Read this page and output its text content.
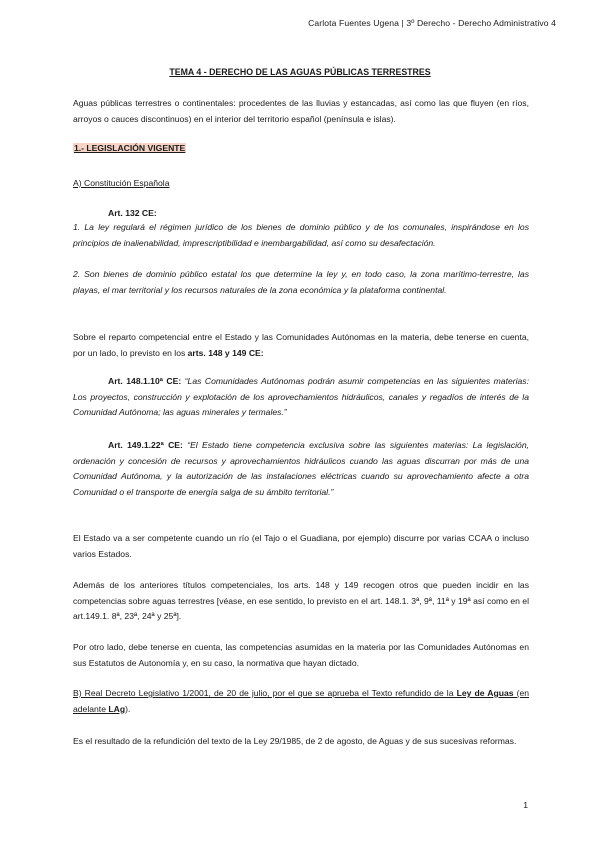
Carlota Fuentes Ugena | 3º Derecho - Derecho Administrativo 4
TEMA 4 - DERECHO DE LAS AGUAS PÚBLICAS TERRESTRES

Aguas públicas terrestres o continentales: procedentes de las lluvias y estancadas, así como las que fluyen (en ríos, arroyos o cauces discontinuos) en el interior del territorio español (península e islas).

1.- LEGISLACIÓN VIGENTE
A) Constitución Española
Art. 132 CE:

1. La ley regulará el régimen jurídico de los bienes de dominio público y de los comunales, inspirándose en los principios de inalienabilidad, imprescriptibilidad e inembargabilidad, así como su desafectación.

2. Son bienes de dominio público estatal los que determine la ley y, en todo caso, la zona marítimo-terrestre, las playas, el mar territorial y los recursos naturales de la zona económica y la plataforma continental.

Sobre el reparto competencial entre el Estado y las Comunidades Autónomas en la materia, debe tenerse en cuenta, por un lado, lo previsto en los arts. 148 y 149 CE:

Art. 148.1.10ª CE: “Las Comunidades Autónomas podrán asumir competencias en las siguientes materias: Los proyectos, construcción y explotación de los aprovechamientos hidráulicos, canales y regadíos de interés de la Comunidad Autónoma; las aguas minerales y termales.”

Art. 149.1.22ª CE: “El Estado tiene competencia exclusiva sobre las siguientes materias: La legislación, ordenación y concesión de recursos y aprovechamientos hidráulicos cuando las aguas discurran por más de una Comunidad Autónoma, y la autorización de las instalaciones eléctricas cuando su aprovechamiento afecte a otra Comunidad o el transporte de energía salga de su ámbito territorial.”

El Estado va a ser competente cuando un río (el Tajo o el Guadiana, por ejemplo) discurre por varias CCAA o incluso varios Estados.

Además de los anteriores títulos competenciales, los arts. 148 y 149 recogen otros que pueden incidir en las competencias sobre aguas terrestres [véase, en ese sentido, lo previsto en el art. 148.1. 3ª, 9ª, 11ª y 19ª así como en el art.149.1. 8ª, 23ª, 24ª y 25ª].

Por otro lado, debe tenerse en cuenta, las competencias asumidas en la materia por las Comunidades Autónomas en sus Estatutos de Autonomía y, en su caso, la normativa que hayan dictado.

B) Real Decreto Legislativo 1/2001, de 20 de julio, por el que se aprueba el Texto refundido de la Ley de Aguas (en adelante LAg).

Es el resultado de la refundición del texto de la Ley 29/1985, de 2 de agosto, de Aguas y de sus sucesivas reformas.

1
